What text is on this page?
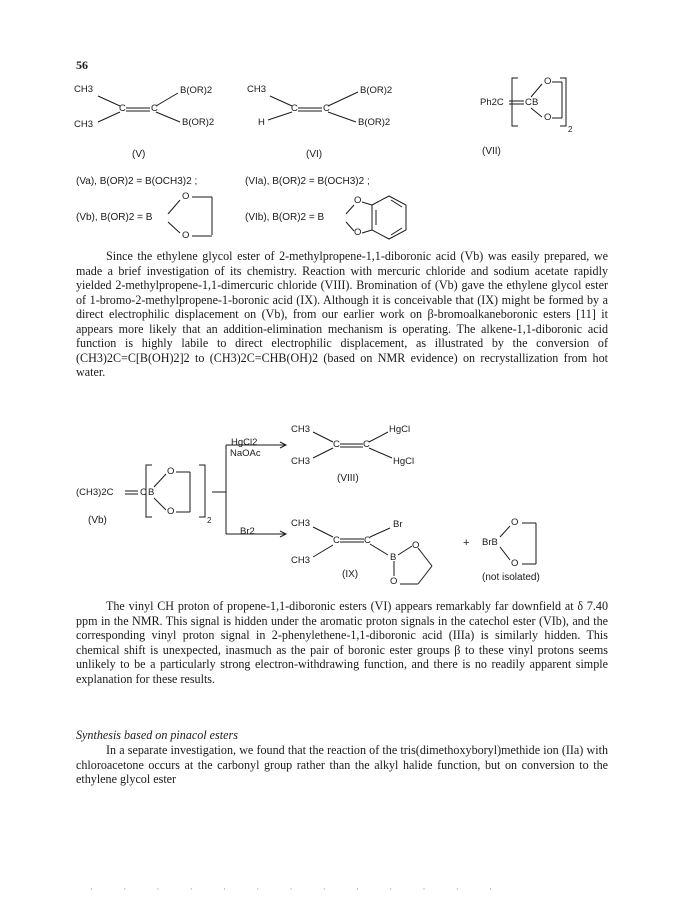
56
CH3
CH3
C	C
B(OR)2
B(OR)2
CH3
H
C	C
B(OR)2
B(OR)2
Ph2C C B
O
O
2
(V)	(VI)	(VII)
(Va), B(OR)2 = B(OCH3)2 ;	(VIa), B(OR)2 = B(OCH3)2 ;
(Vb), B(OR)2 = B
O
O
(VIb), B(OR)2 = B
O
O

Since the ethylene glycol ester of 2-methylpropene-1,1-diboronic acid (Vb) was easily prepared, we made a brief investigation of its chemistry. Reaction with mercuric chloride and sodium acetate rapidly yielded 2-methylpropene-1,1-dimercuric chloride (VIII). Bromination of (Vb) gave the ethylene glycol ester of 1-bromo-2-methylpropene-1-boronic acid (IX). Although it is conceivable that (IX) might be formed by a direct electrophilic displacement on (Vb), from our earlier work on β-bromoalkaneboronic esters [11] it appears more likely that an addition-elimination mechanism is operating. The alkene-1,1-diboronic acid function is highly labile to direct electrophilic displacement, as illustrated by the conversion of (CH3)2C=C[B(OH)2]2 to (CH3)2C=CHB(OH)2 (based on NMR evidence) on recrystallization from hot water.

HgCl2
NaOAc
Br2
(CH3)2C	C B
O
O
2
(Vb)
CH3
CH3
C C
HgCl
HgCl
(VIII)
CH3
CH3
C	C
Br
B
O
O
(IX)
+ BrB
O
O
(not isolated)

The vinyl CH proton of propene-1,1-diboronic esters (VI) appears remarkably far downfield at δ 7.40 ppm in the NMR. This signal is hidden under the aromatic proton signals in the catechol ester (VIb), and the corresponding vinyl proton signal in 2-phenylethene-1,1-diboronic acid (IIIa) is similarly hidden. This chemical shift is unexpected, inasmuch as the pair of boronic ester groups β to these vinyl protons seems unlikely to be a particularly strong electron-withdrawing function, and there is no readily apparent simple explanation for these results.

Synthesis based on pinacol esters

In a separate investigation, we found that the reaction of the tris(dimethoxyboryl)methide ion (IIa) with chloroacetone occurs at the carbonyl group rather than the alkyl halide function, but on conversion to the ethylene glycol ester

· · · · · · · · · · · · ·
